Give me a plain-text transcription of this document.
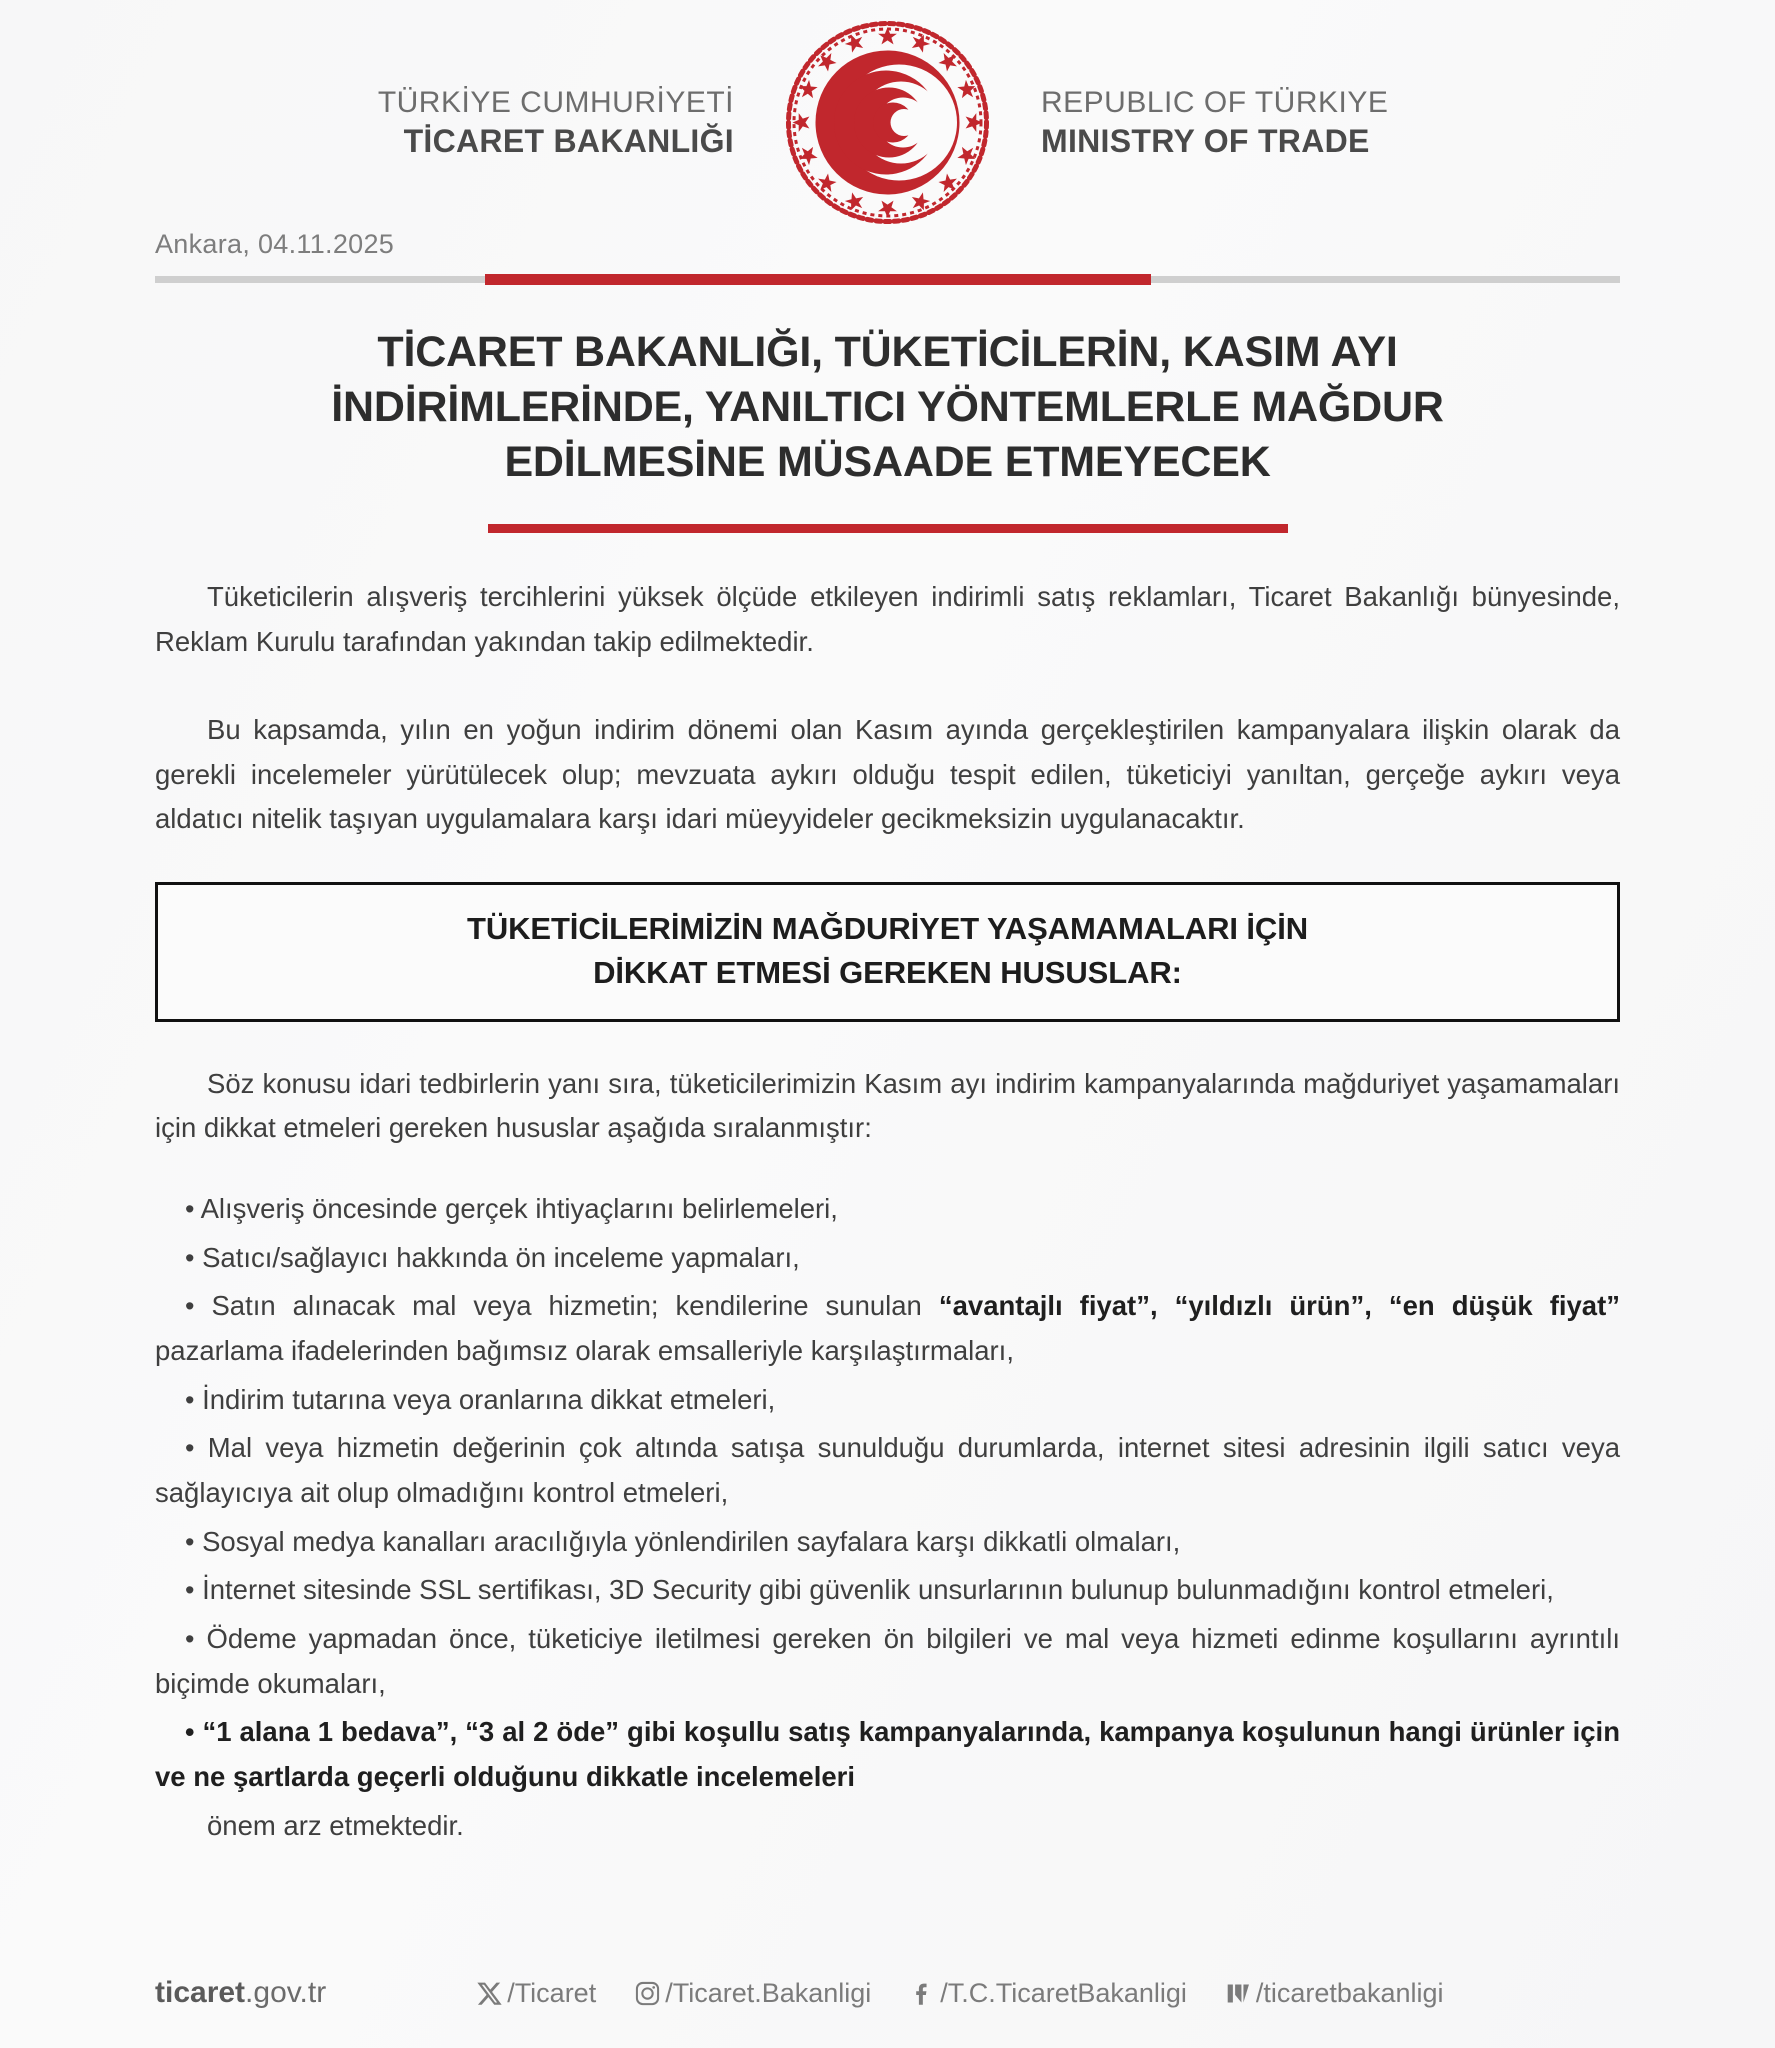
TÜRKİYE CUMHURİYETİ
TİCARET BAKANLIĞI
REPUBLIC OF TÜRKIYE
MINISTRY OF TRADE
Ankara, 04.11.2025
TİCARET BAKANLIĞI, TÜKETİCİLERİN, KASIM AYI
İNDİRİMLERİNDE, YANILTICI YÖNTEMLERLE MAĞDUR
EDİLMESİNE MÜSAADE ETMEYECEK

Tüketicilerin alışveriş tercihlerini yüksek ölçüde etkileyen indirimli satış reklamları, Ticaret Bakanlığı bünyesinde, Reklam Kurulu tarafından yakından takip edilmektedir.

Bu kapsamda, yılın en yoğun indirim dönemi olan Kasım ayında gerçekleştirilen kampanyalara ilişkin olarak da gerekli incelemeler yürütülecek olup; mevzuata aykırı olduğu tespit edilen, tüketiciyi yanıltan, gerçeğe aykırı veya aldatıcı nitelik taşıyan uygulamalara karşı idari müeyyideler gecikmeksizin uygulanacaktır.

TÜKETİCİLERİMİZİN MAĞDURİYET YAŞAMAMALARI İÇİN
DİKKAT ETMESİ GEREKEN HUSUSLAR:

Söz konusu idari tedbirlerin yanı sıra, tüketicilerimizin Kasım ayı indirim kampanyalarında mağduriyet yaşamamaları için dikkat etmeleri gereken hususlar aşağıda sıralanmıştır:

• Alışveriş öncesinde gerçek ihtiyaçlarını belirlemeleri,

• Satıcı/sağlayıcı hakkında ön inceleme yapmaları,

• Satın alınacak mal veya hizmetin; kendilerine sunulan “avantajlı fiyat”, “yıldızlı ürün”, “en düşük fiyat” pazarlama ifadelerinden bağımsız olarak emsalleriyle karşılaştırmaları,

• İndirim tutarına veya oranlarına dikkat etmeleri,

• Mal veya hizmetin değerinin çok altında satışa sunulduğu durumlarda, internet sitesi adresinin ilgili satıcı veya sağlayıcıya ait olup olmadığını kontrol etmeleri,

• Sosyal medya kanalları aracılığıyla yönlendirilen sayfalara karşı dikkatli olmaları,

• İnternet sitesinde SSL sertifikası, 3D Security gibi güvenlik unsurlarının bulunup bulunmadığını kontrol etmeleri,

• Ödeme yapmadan önce, tüketiciye iletilmesi gereken ön bilgileri ve mal veya hizmeti edinme koşullarını ayrıntılı biçimde okumaları,

• “1 alana 1 bedava”, “3 al 2 öde” gibi koşullu satış kampanyalarında, kampanya koşulunun hangi ürünler için ve ne şartlarda geçerli olduğunu dikkatle incelemeleri

önem arz etmektedir.

ticaret.gov.tr	/Ticaret	/Ticaret.Bakanligi	/T.C.TicaretBakanligi	/ticaretbakanligi
